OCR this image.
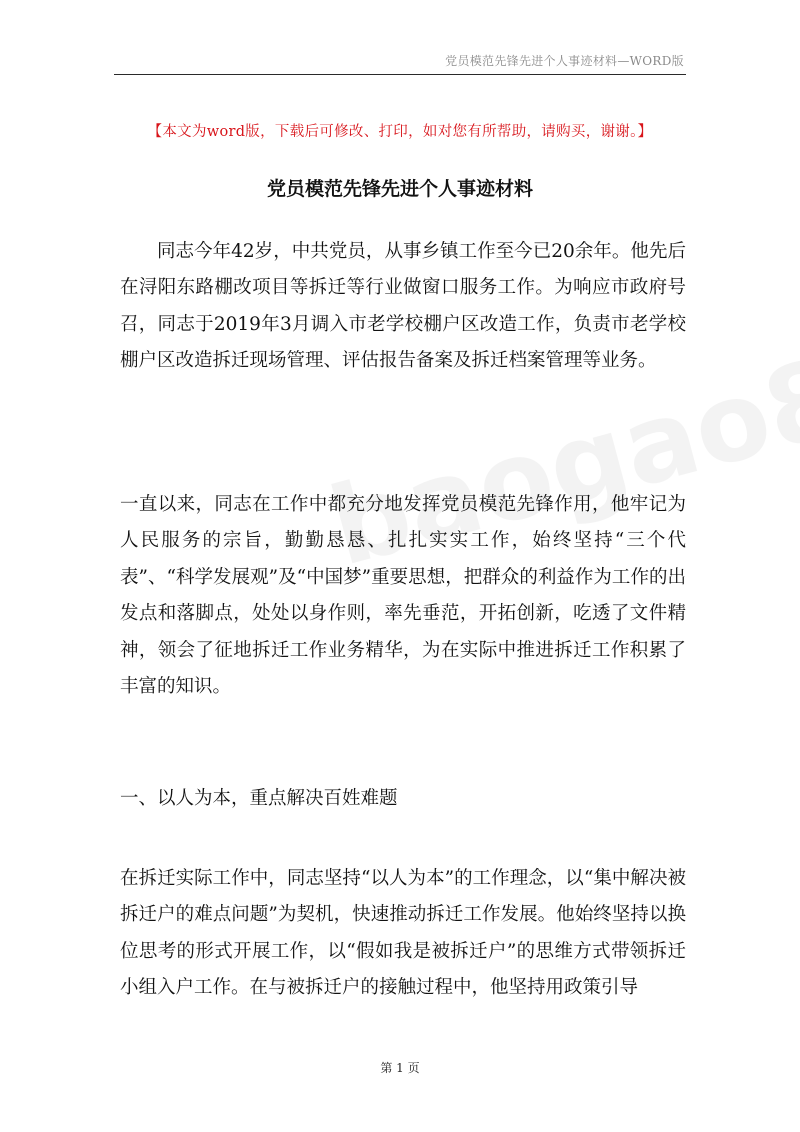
党员模范先锋先进个人事迹材料—WORD版
【本文为word版，下载后可修改、打印，如对您有所帮助，请购买，谢谢。】
党员模范先锋先进个人事迹材料

同志今年42岁，中共党员，从事乡镇工作至今已20余年。他先后在浔阳东路棚改项目等拆迁等行业做窗口服务工作。为响应市政府号召，同志于2019年3月调入市老学校棚户区改造工作，负责市老学校棚户区改造拆迁现场管理、评估报告备案及拆迁档案管理等业务。

一直以来，同志在工作中都充分地发挥党员模范先锋作用，他牢记为人民服务的宗旨，勤勤恳恳、扎扎实实工作，始终坚持“三个代表”、“科学发展观”及“中国梦”重要思想，把群众的利益作为工作的出发点和落脚点，处处以身作则，率先垂范，开拓创新，吃透了文件精神，领会了征地拆迁工作业务精华，为在实际中推进拆迁工作积累了丰富的知识。

一、以人为本，重点解决百姓难题

在拆迁实际工作中，同志坚持“以人为本”的工作理念，以“集中解决被拆迁户的难点问题”为契机，快速推动拆迁工作发展。他始终坚持以换位思考的形式开展工作，以“假如我是被拆迁户”的思维方式带领拆迁小组入户工作。在与被拆迁户的接触过程中，他坚持用政策引导

第 1 页
